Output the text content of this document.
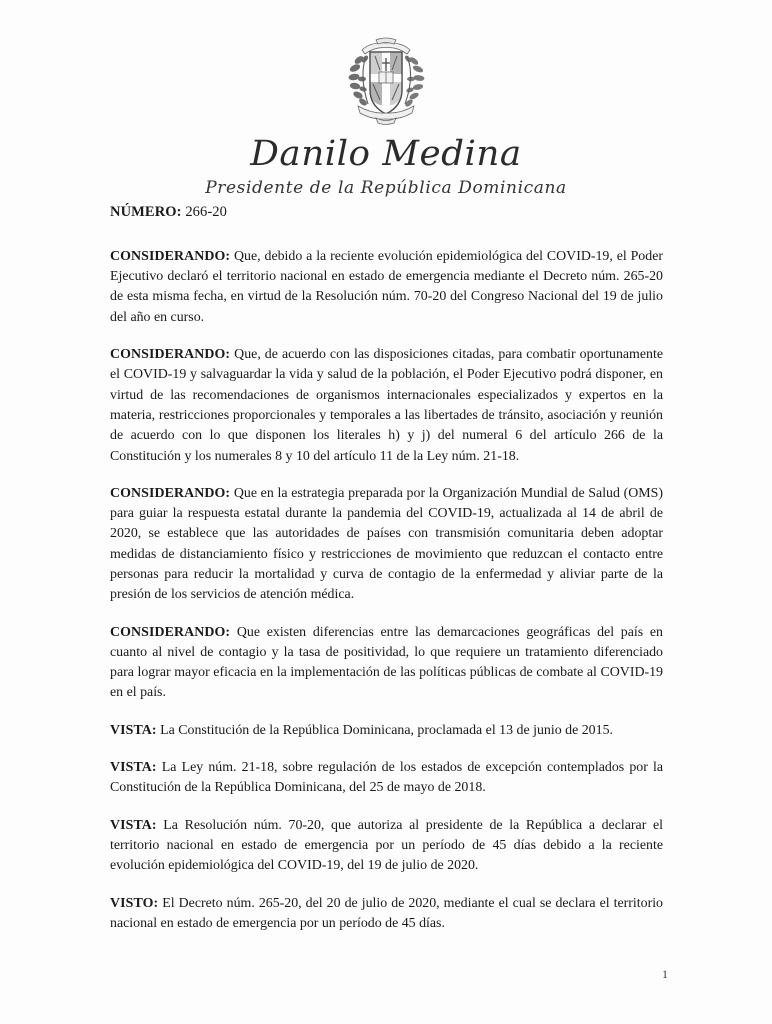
Danilo Medina
Presidente de la República Dominicana
NÚMERO: 266-20

CONSIDERANDO: Que, debido a la reciente evolución epidemiológica del COVID-19, el Poder Ejecutivo declaró el territorio nacional en estado de emergencia mediante el Decreto núm. 265-20 de esta misma fecha, en virtud de la Resolución núm. 70-20 del Congreso Nacional del 19 de julio del año en curso.

CONSIDERANDO: Que, de acuerdo con las disposiciones citadas, para combatir oportunamente el COVID-19 y salvaguardar la vida y salud de la población, el Poder Ejecutivo podrá disponer, en virtud de las recomendaciones de organismos internacionales especializados y expertos en la materia, restricciones proporcionales y temporales a las libertades de tránsito, asociación y reunión de acuerdo con lo que disponen los literales h) y j) del numeral 6 del artículo 266 de la Constitución y los numerales 8 y 10 del artículo 11 de la Ley núm. 21-18.

CONSIDERANDO: Que en la estrategia preparada por la Organización Mundial de Salud (OMS) para guiar la respuesta estatal durante la pandemia del COVID-19, actualizada al 14 de abril de 2020, se establece que las autoridades de países con transmisión comunitaria deben adoptar medidas de distanciamiento físico y restricciones de movimiento que reduzcan el contacto entre personas para reducir la mortalidad y curva de contagio de la enfermedad y aliviar parte de la presión de los servicios de atención médica.

CONSIDERANDO: Que existen diferencias entre las demarcaciones geográficas del país en cuanto al nivel de contagio y la tasa de positividad, lo que requiere un tratamiento diferenciado para lograr mayor eficacia en la implementación de las políticas públicas de combate al COVID-19 en el país.

VISTA: La Constitución de la República Dominicana, proclamada el 13 de junio de 2015.

VISTA: La Ley núm. 21-18, sobre regulación de los estados de excepción contemplados por la Constitución de la República Dominicana, del 25 de mayo de 2018.

VISTA: La Resolución núm. 70-20, que autoriza al presidente de la República a declarar el territorio nacional en estado de emergencia por un período de 45 días debido a la reciente evolución epidemiológica del COVID-19, del 19 de julio de 2020.

VISTO: El Decreto núm. 265-20, del 20 de julio de 2020, mediante el cual se declara el territorio nacional en estado de emergencia por un período de 45 días.

1
